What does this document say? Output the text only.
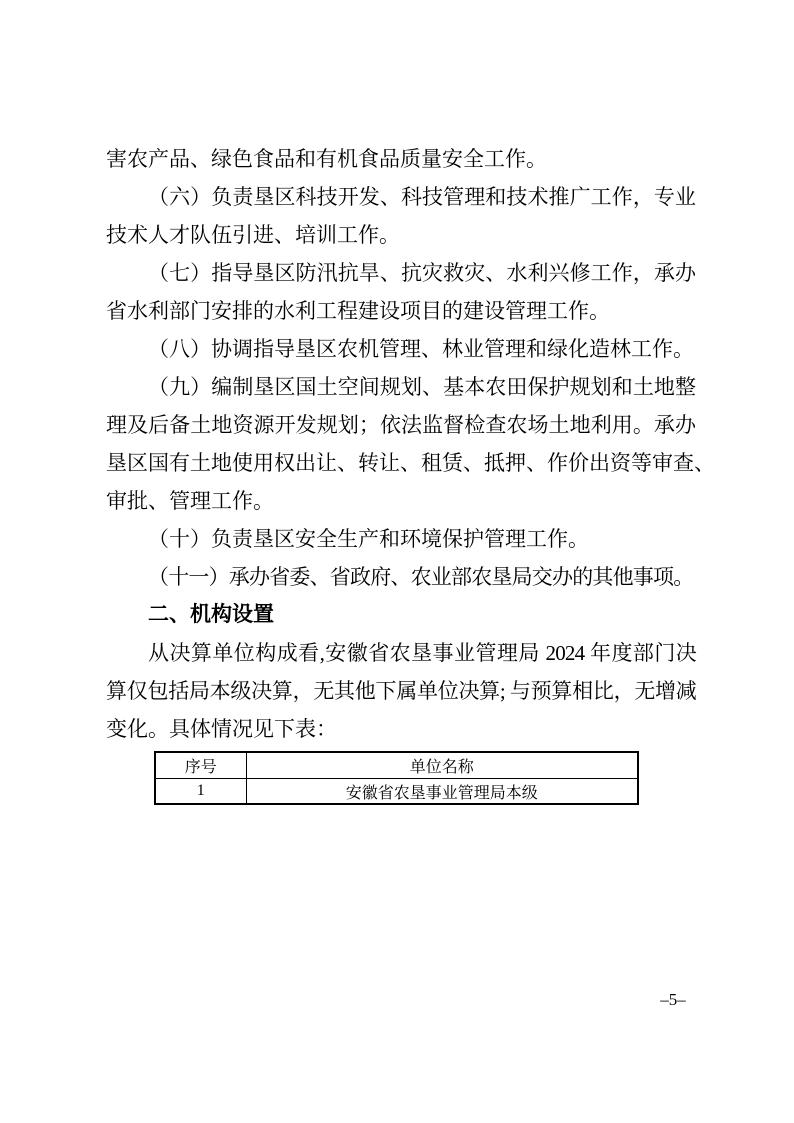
害农产品、绿色食品和有机食品质量安全工作。
（六）负责垦区科技开发、科技管理和技术推广工作，专业
技术人才队伍引进、培训工作。
（七）指导垦区防汛抗旱、抗灾救灾、水利兴修工作，承办
省水利部门安排的水利工程建设项目的建设管理工作。
（八）协调指导垦区农机管理、林业管理和绿化造林工作。
（九）编制垦区国土空间规划、基本农田保护规划和土地整
理及后备土地资源开发规划；依法监督检查农场土地利用。承办
垦区国有土地使用权出让、转让、租赁、抵押、作价出资等审查、
审批、管理工作。
（十）负责垦区安全生产和环境保护管理工作。
（十一）承办省委、省政府、农业部农垦局交办的其他事项。
二、机构设置
从决算单位构成看,安徽省农垦事业管理局 2024 年度部门决
算仅包括局本级决算，无其他下属单位决算; 与预算相比，无增减
变化。具体情况见下表：
序号	单位名称
1	安徽省农垦事业管理局本级
–5–
